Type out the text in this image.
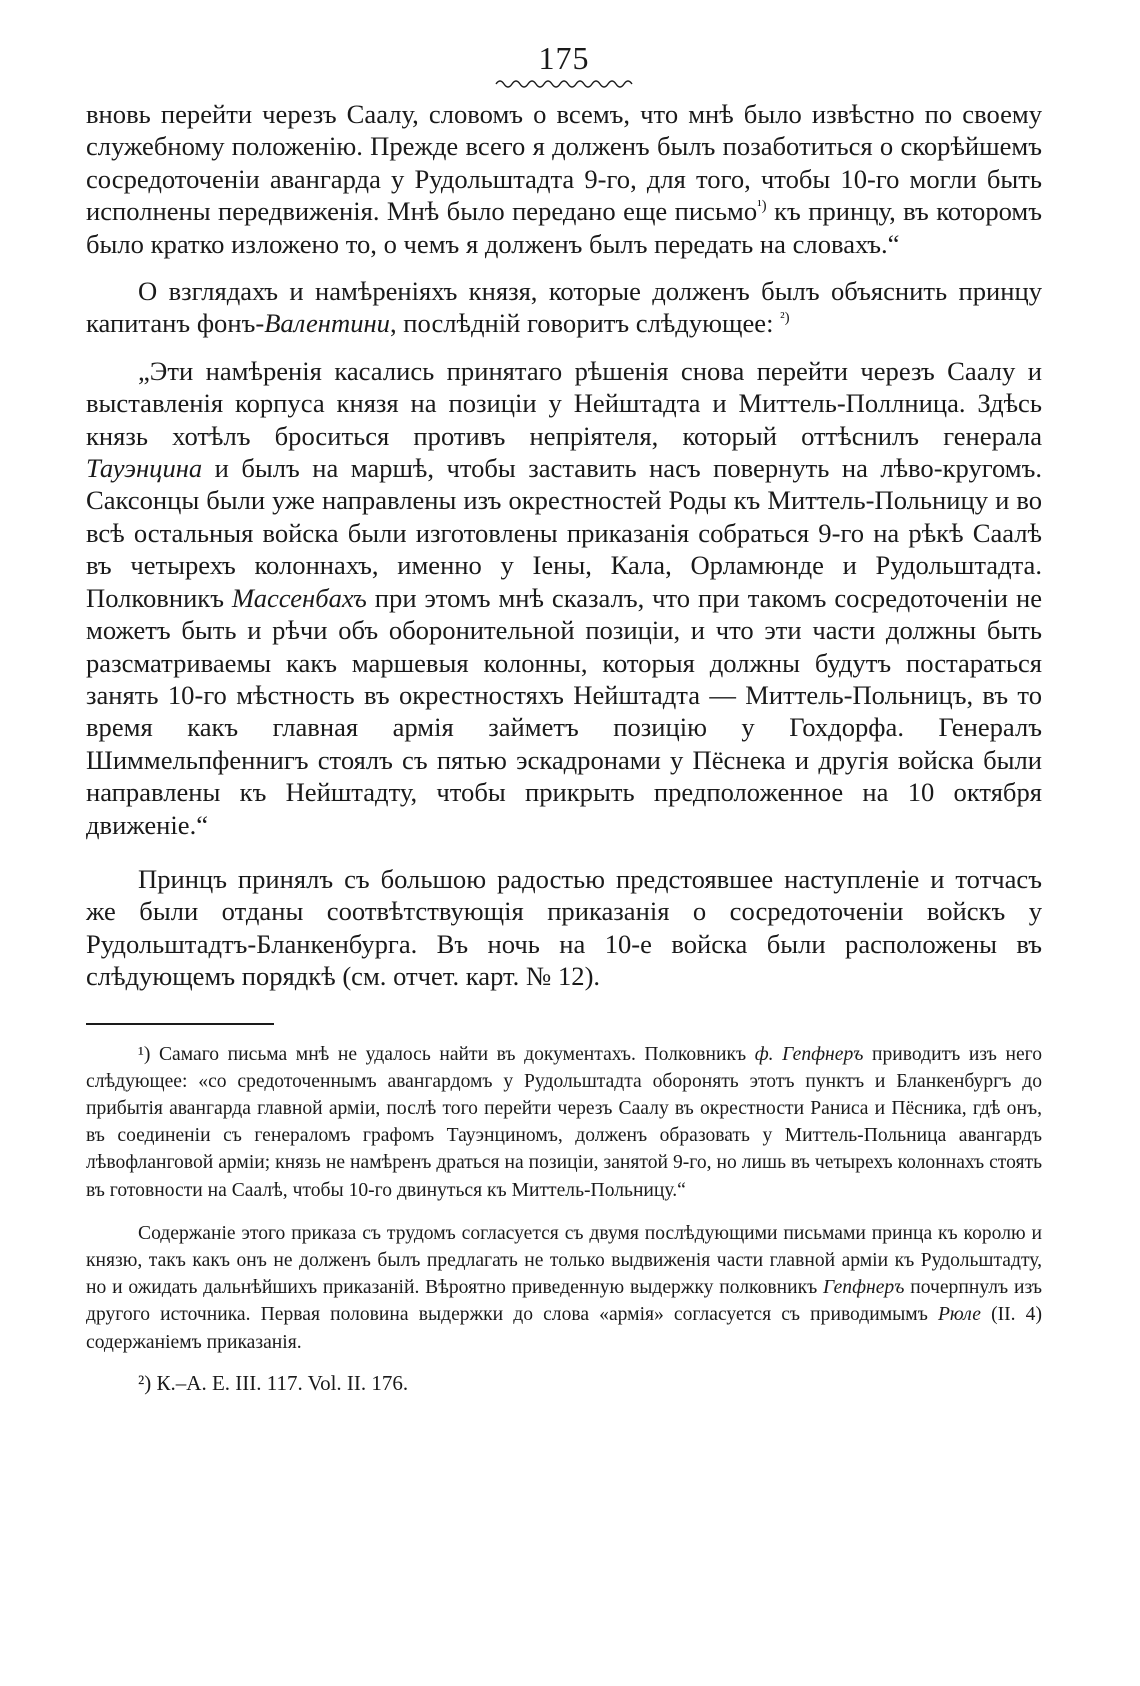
175

вновь перейти черезъ Саалу, словомъ о всемъ, что мнѣ было извѣстно по своему служебному положенію. Прежде всего я долженъ былъ позаботиться о скорѣйшемъ сосредоточеніи авангарда у Рудольштадта 9-го, для того, чтобы 10-го могли быть исполнены передвиженія. Мнѣ было передано еще письмо$^{^1)}$ къ принцу, въ которомъ было кратко изложено то, о чемъ я долженъ былъ передать на словахъ.“

О взглядахъ и намѣреніяхъ князя, которые долженъ былъ объяснить принцу капитанъ фонъ-Валентини, послѣдній говоритъ слѣдующее: $^{^2)}$

„Эти намѣренія касались принятаго рѣшенія снова перейти черезъ Саалу и выставленія корпуса князя на позиціи у Нейштадта и Миттель-Поллница. Здѣсь князь хотѣлъ броситься противъ непріятеля, который оттѣснилъ генерала Тауэнцина и былъ на маршѣ, чтобы заставить насъ повернуть на лѣво-кругомъ. Саксонцы были уже направлены изъ окрестностей Роды къ Миттель-Польницу и во всѣ остальныя войска были изготовлены приказанія собраться 9-го на рѣкѣ Саалѣ въ четырехъ колоннахъ, именно у Іены, Кала, Орламюнде и Рудольштадта. Полковникъ Массенбахъ при этомъ мнѣ сказалъ, что при такомъ сосредоточеніи не можетъ быть и рѣчи объ оборонительной позиціи, и что эти части должны быть разсматриваемы какъ маршевыя колонны, которыя должны будутъ постараться занять 10-го мѣстность въ окрестностяхъ Нейштадта — Миттель-Польницъ, въ то время какъ главная армія займетъ позицію у Гохдорфа. Генералъ Шиммельпфеннигъ стоялъ съ пятью эскадронами у Пёснека и другія войска были направлены къ Нейштадту, чтобы прикрыть предположенное на 10 октября движеніе.“

Принцъ принялъ съ большою радостью предстоявшее наступленіе и тотчасъ же были отданы соотвѣтствующія приказанія о сосредоточеніи войскъ у Рудольштадтъ-Бланкенбурга. Въ ночь на 10-е войска были расположены въ слѣдующемъ порядкѣ (см. отчет. карт. № 12).

¹) Самаго письма мнѣ не удалось найти въ документахъ. Полковникъ ф. Гепфнеръ приводитъ изъ него слѣдующее: «со средоточеннымъ авангардомъ у Рудольштадта оборонять этотъ пунктъ и Бланкенбургъ до прибытія авангарда главной арміи, послѣ того перейти черезъ Саалу въ окрестности Раниса и Пёсника, гдѣ онъ, въ соединеніи съ генераломъ графомъ Тауэнциномъ, долженъ образовать у Миттель-Польница авангардъ лѣвофланговой арміи; князь не намѣренъ драться на позиціи, занятой 9-го, но лишь въ четырехъ колоннахъ стоять въ готовности на Саалѣ, чтобы 10-го двинуться къ Миттель-Польницу.“

Содержаніе этого приказа съ трудомъ согласуется съ двумя послѣдующими письмами принца къ королю и князю, такъ какъ онъ не долженъ былъ предлагать не только выдвиженія части главной арміи къ Рудольштадту, но и ожидать дальнѣйшихъ приказаній. Вѣроятно приведенную выдержку полковникъ Гепфнеръ почерпнулъ изъ другого источника. Первая половина выдержки до слова «армія» согласуется съ приводимымъ Рюле (II. 4) содержаніемъ приказанія.

²) К.–А. Е. III. 117. Vol. II. 176.
